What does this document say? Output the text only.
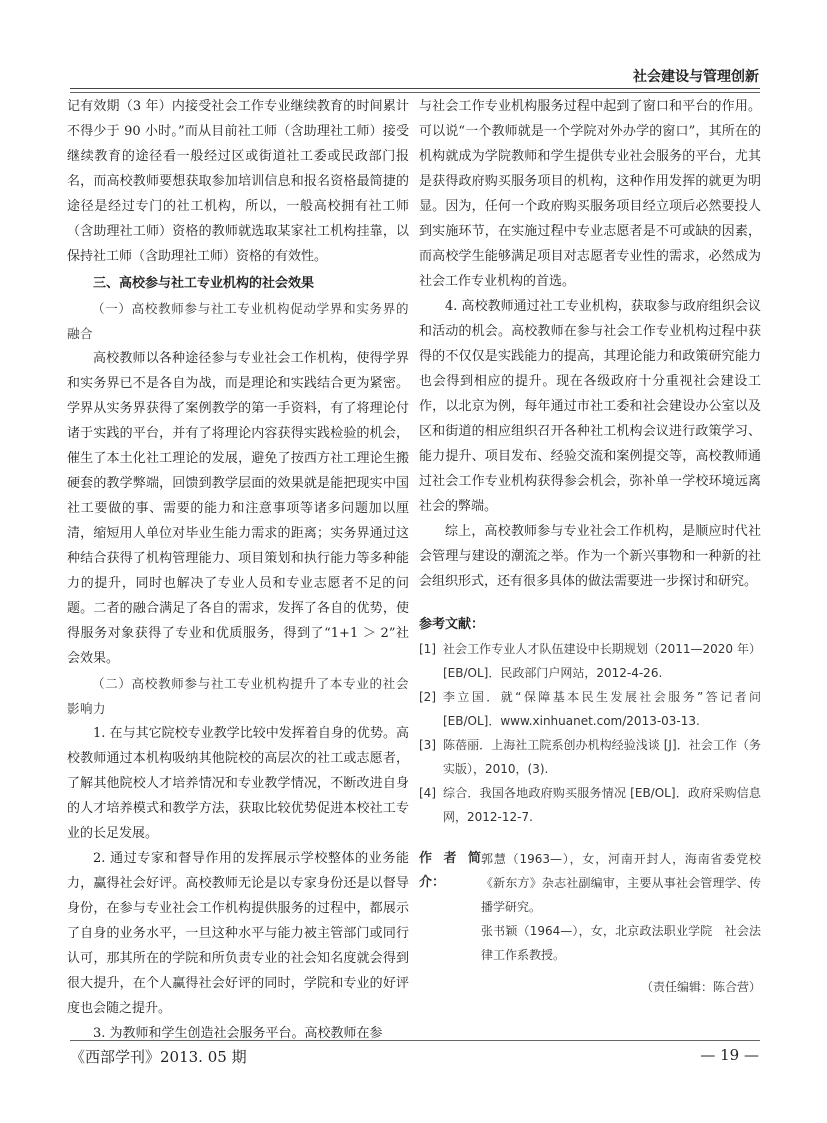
社会建设与管理创新

记有效期（3 年）内接受社会工作专业继续教育的时间累计不得少于 90 小时。”而从目前社工师（含助理社工师）接受继续教育的途径看一般经过区或街道社工委或民政部门报名，而高校教师要想获取参加培训信息和报名资格最简捷的途径是经过专门的社工机构，所以，一般高校拥有社工师（含助理社工师）资格的教师就选取某家社工机构挂靠，以保持社工师（含助理社工师）资格的有效性。

三、高校参与社工专业机构的社会效果

（一）高校教师参与社工专业机构促动学界和实务界的融合

高校教师以各种途径参与专业社会工作机构，使得学界和实务界已不是各自为战，而是理论和实践结合更为紧密。学界从实务界获得了案例教学的第一手资料，有了将理论付诸于实践的平台，并有了将理论内容获得实践检验的机会，催生了本土化社工理论的发展，避免了按西方社工理论生搬硬套的教学弊端，回馈到教学层面的效果就是能把现实中国社工要做的事、需要的能力和注意事项等诸多问题加以厘清，缩短用人单位对毕业生能力需求的距离；实务界通过这种结合获得了机构管理能力、项目策划和执行能力等多种能力的提升，同时也解决了专业人员和专业志愿者不足的问题。二者的融合满足了各自的需求，发挥了各自的优势，使得服务对象获得了专业和优质服务，得到了“1+1 ＞ 2”社会效果。

（二）高校教师参与社工专业机构提升了本专业的社会影响力

1. 在与其它院校专业教学比较中发挥着自身的优势。高校教师通过本机构吸纳其他院校的高层次的社工或志愿者，了解其他院校人才培养情况和专业教学情况，不断改进自身的人才培养模式和教学方法，获取比较优势促进本校社工专业的长足发展。

2. 通过专家和督导作用的发挥展示学校整体的业务能力，赢得社会好评。高校教师无论是以专家身份还是以督导身份，在参与专业社会工作机构提供服务的过程中，都展示了自身的业务水平，一旦这种水平与能力被主管部门或同行认可，那其所在的学院和所负责专业的社会知名度就会得到很大提升，在个人赢得社会好评的同时，学院和专业的好评度也会随之提升。

3. 为教师和学生创造社会服务平台。高校教师在参

与社会工作专业机构服务过程中起到了窗口和平台的作用。可以说“一个教师就是一个学院对外办学的窗口”，其所在的机构就成为学院教师和学生提供专业社会服务的平台，尤其是获得政府购买服务项目的机构，这种作用发挥的就更为明显。因为，任何一个政府购买服务项目经立项后必然要投人到实施环节，在实施过程中专业志愿者是不可或缺的因素，而高校学生能够满足项目对志愿者专业性的需求，必然成为社会工作专业机构的首选。

4. 高校教师通过社工专业机构，获取参与政府组织会议和活动的机会。高校教师在参与社会工作专业机构过程中获得的不仅仅是实践能力的提高，其理论能力和政策研究能力也会得到相应的提升。现在各级政府十分重视社会建设工作，以北京为例，每年通过市社工委和社会建设办公室以及区和街道的相应组织召开各种社工机构会议进行政策学习、能力提升、项目发布、经验交流和案例提交等，高校教师通过社会工作专业机构获得参会机会，弥补单一学校环境远离社会的弊端。

综上，高校教师参与专业社会工作机构，是顺应时代社会管理与建设的潮流之举。作为一个新兴事物和一种新的社会组织形式，还有很多具体的做法需要进一步探讨和研究。

参考文献：
[1] 社会工作专业人才队伍建设中长期规划（2011—2020 年）[EB/OL]．民政部门户网站，2012-4-26.
[2] 李立国．就“保障基本民生发展社会服务”答记者问 [EB/OL]．www.xinhuanet.com/2013-03-13.
[3] 陈蓓丽．上海社工院系创办机构经验浅谈 [J]．社会工作（务实版），2010，(3).
[4] 综合．我国各地政府购买服务情况 [EB/OL]．政府采购信息网，2012-12-7.
作者简介：

郭慧（1963—），女，河南开封人，海南省委党校《新东方》杂志社副编审，主要从事社会管理学、传播学研究。

张书颖（1964—），女，北京政法职业学院　社会法律工作系教授。

（责任编辑：陈合营）
《西部学刊》2013. 05 期	— 19 —
